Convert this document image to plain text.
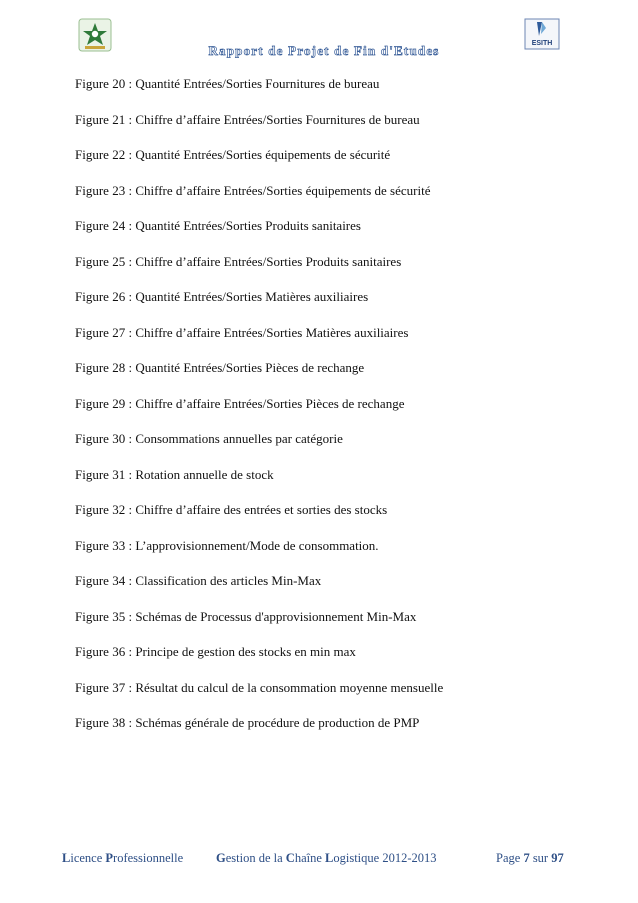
ESITH
Rapport de Projet de Fin d'Etudes
Figure 20 : Quantité Entrées/Sorties Fournitures de bureau
Figure 21 : Chiffre d’affaire Entrées/Sorties Fournitures de bureau
Figure 22 : Quantité Entrées/Sorties équipements de sécurité
Figure 23 : Chiffre d’affaire Entrées/Sorties équipements de sécurité
Figure 24 : Quantité Entrées/Sorties Produits sanitaires
Figure 25 : Chiffre d’affaire Entrées/Sorties Produits sanitaires
Figure 26 : Quantité Entrées/Sorties Matières auxiliaires
Figure 27 : Chiffre d’affaire Entrées/Sorties Matières auxiliaires
Figure 28 : Quantité Entrées/Sorties Pièces de rechange
Figure 29 : Chiffre d’affaire Entrées/Sorties Pièces de rechange
Figure 30 : Consommations annuelles par catégorie
Figure 31 : Rotation annuelle de stock
Figure 32 : Chiffre d’affaire des entrées et sorties des stocks
Figure 33 : L’approvisionnement/Mode de consommation.
Figure 34 : Classification des articles Min-Max
Figure 35 : Schémas de Processus d'approvisionnement Min-Max
Figure 36 : Principe de gestion des stocks en min max
Figure 37 : Résultat du calcul de la consommation moyenne mensuelle
Figure 38 : Schémas générale de procédure de production de PMP
Licence Professionnelle	Gestion de la Chaîne Logistique 2012-2013	Page 7 sur 97
